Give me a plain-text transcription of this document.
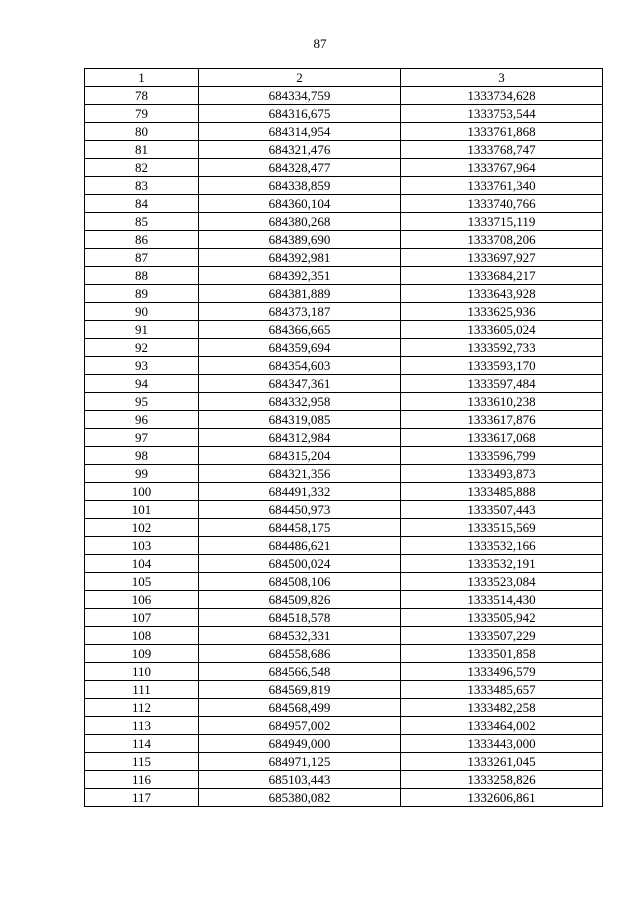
87
1	2	3
78	684334,759	1333734,628
79	684316,675	1333753,544
80	684314,954	1333761,868
81	684321,476	1333768,747
82	684328,477	1333767,964
83	684338,859	1333761,340
84	684360,104	1333740,766
85	684380,268	1333715,119
86	684389,690	1333708,206
87	684392,981	1333697,927
88	684392,351	1333684,217
89	684381,889	1333643,928
90	684373,187	1333625,936
91	684366,665	1333605,024
92	684359,694	1333592,733
93	684354,603	1333593,170
94	684347,361	1333597,484
95	684332,958	1333610,238
96	684319,085	1333617,876
97	684312,984	1333617,068
98	684315,204	1333596,799
99	684321,356	1333493,873
100	684491,332	1333485,888
101	684450,973	1333507,443
102	684458,175	1333515,569
103	684486,621	1333532,166
104	684500,024	1333532,191
105	684508,106	1333523,084
106	684509,826	1333514,430
107	684518,578	1333505,942
108	684532,331	1333507,229
109	684558,686	1333501,858
110	684566,548	1333496,579
111	684569,819	1333485,657
112	684568,499	1333482,258
113	684957,002	1333464,002
114	684949,000	1333443,000
115	684971,125	1333261,045
116	685103,443	1333258,826
117	685380,082	1332606,861
